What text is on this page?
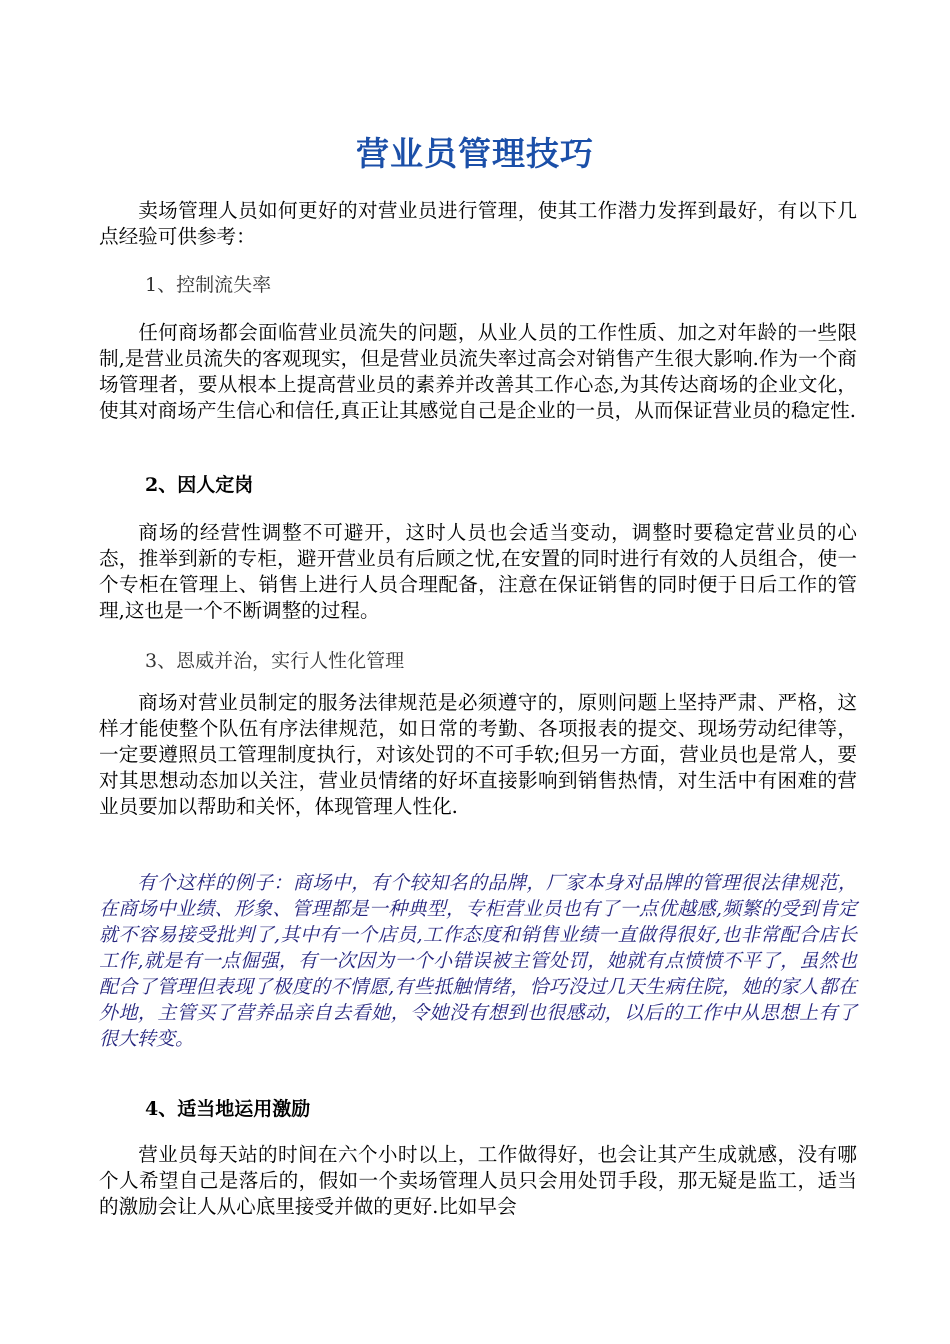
营业员管理技巧

卖场管理人员如何更好的对营业员进行管理，使其工作潜力发挥到最好，有以下几点经验可供参考：

1、控制流失率

任何商场都会面临营业员流失的问题，从业人员的工作性质、加之对年龄的一些限制,是营业员流失的客观现实，但是营业员流失率过高会对销售产生很大影响.作为一个商场管理者，要从根本上提高营业员的素养并改善其工作心态,为其传达商场的企业文化，使其对商场产生信心和信任,真正让其感觉自己是企业的一员，从而保证营业员的稳定性.

2、因人定岗

商场的经营性调整不可避开，这时人员也会适当变动，调整时要稳定营业员的心态，推举到新的专柜，避开营业员有后顾之忧,在安置的同时进行有效的人员组合，使一个专柜在管理上、销售上进行人员合理配备，注意在保证销售的同时便于日后工作的管理,这也是一个不断调整的过程。

3、恩威并治，实行人性化管理

商场对营业员制定的服务法律规范是必须遵守的，原则问题上坚持严肃、严格，这样才能使整个队伍有序法律规范，如日常的考勤、各项报表的提交、现场劳动纪律等，一定要遵照员工管理制度执行，对该处罚的不可手软;但另一方面，营业员也是常人，要对其思想动态加以关注，营业员情绪的好坏直接影响到销售热情，对生活中有困难的营业员要加以帮助和关怀，体现管理人性化.

有个这样的例子：商场中，有个较知名的品牌，厂家本身对品牌的管理很法律规范，在商场中业绩、形象、管理都是一种典型，专柜营业员也有了一点优越感,频繁的受到肯定就不容易接受批判了,其中有一个店员,工作态度和销售业绩一直做得很好,也非常配合店长工作,就是有一点倔强，有一次因为一个小错误被主管处罚，她就有点愤愤不平了，虽然也配合了管理但表现了极度的不情愿,有些抵触情绪，恰巧没过几天生病住院，她的家人都在外地，主管买了营养品亲自去看她，令她没有想到也很感动，以后的工作中从思想上有了很大转变。

4、适当地运用激励

营业员每天站的时间在六个小时以上，工作做得好，也会让其产生成就感，没有哪个人希望自己是落后的，假如一个卖场管理人员只会用处罚手段，那无疑是监工，适当的激励会让人从心底里接受并做的更好.比如早会
